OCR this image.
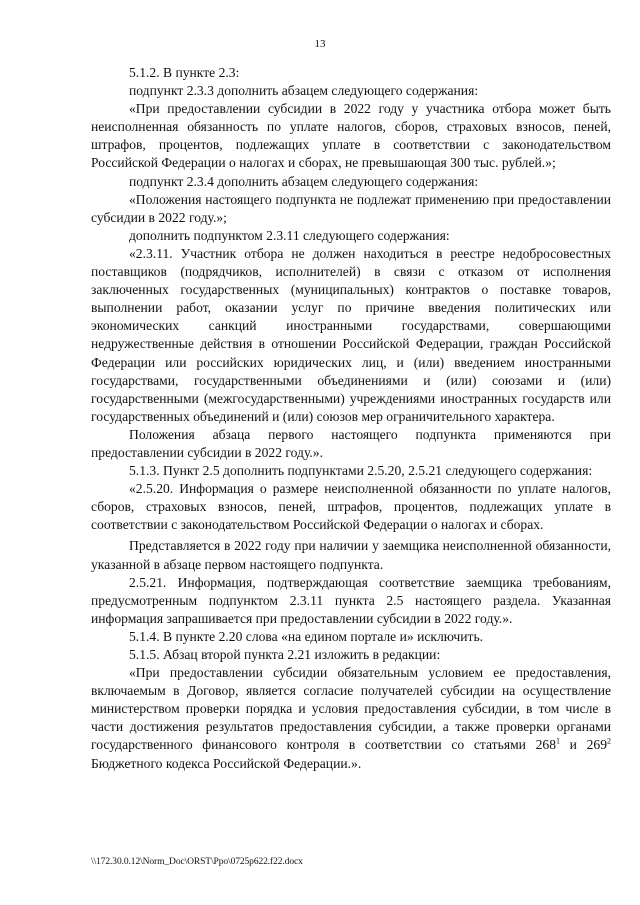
13

5.1.2. В пункте 2.3:

подпункт 2.3.3 дополнить абзацем следующего содержания:

«При предоставлении субсидии в 2022 году у участника отбора может быть неисполненная обязанность по уплате налогов, сборов, страховых взносов, пеней, штрафов, процентов, подлежащих уплате в соответствии с законодательством Российской Федерации о налогах и сборах, не превышающая 300 тыс. рублей.»;

подпункт 2.3.4 дополнить абзацем следующего содержания:

«Положения настоящего подпункта не подлежат применению при предоставлении субсидии в 2022 году.»;

дополнить подпунктом 2.3.11 следующего содержания:

«2.3.11. Участник отбора не должен находиться в реестре недобросовестных поставщиков (подрядчиков, исполнителей) в связи с отказом от исполнения заключенных государственных (муниципальных) контрактов о поставке товаров, выполнении работ, оказании услуг по причине введения политических или экономических санкций иностранными государствами, совершающими недружественные действия в отношении Российской Федерации, граждан Российской Федерации или российских юридических лиц, и (или) введением иностранными государствами, государственными объединениями и (или) союзами и (или) государственными (межгосударственными) учреждениями иностранных государств или государственных объединений и (или) союзов мер ограничительного характера.

Положения абзаца первого настоящего подпункта применяются при предоставлении субсидии в 2022 году.».

5.1.3. Пункт 2.5 дополнить подпунктами 2.5.20, 2.5.21 следующего содержания:

«2.5.20. Информация о размере неисполненной обязанности по уплате налогов, сборов, страховых взносов, пеней, штрафов, процентов, подлежащих уплате в соответствии с законодательством Российской Федерации о налогах и сборах.

Представляется в 2022 году при наличии у заемщика неисполненной обязанности, указанной в абзаце первом настоящего подпункта.

2.5.21. Информация, подтверждающая соответствие заемщика требованиям, предусмотренным подпунктом 2.3.11 пункта 2.5 настоящего раздела. Указанная информация запрашивается при предоставлении субсидии в 2022 году.».

5.1.4. В пункте 2.20 слова «на едином портале и» исключить.

5.1.5. Абзац второй пункта 2.21 изложить в редакции:

«При предоставлении субсидии обязательным условием ее предоставления, включаемым в Договор, является согласие получателей субсидии на осуществление министерством проверки порядка и условия предоставления субсидии, в том числе в части достижения результатов предоставления субсидии, а также проверки органами государственного финансового контроля в соответствии со статьями $268^1$ и $269^2$ Бюджетного кодекса Российской Федерации.».

\\172.30.0.12\Norm_Doc\ORST\Ppo\0725p622.f22.docx
